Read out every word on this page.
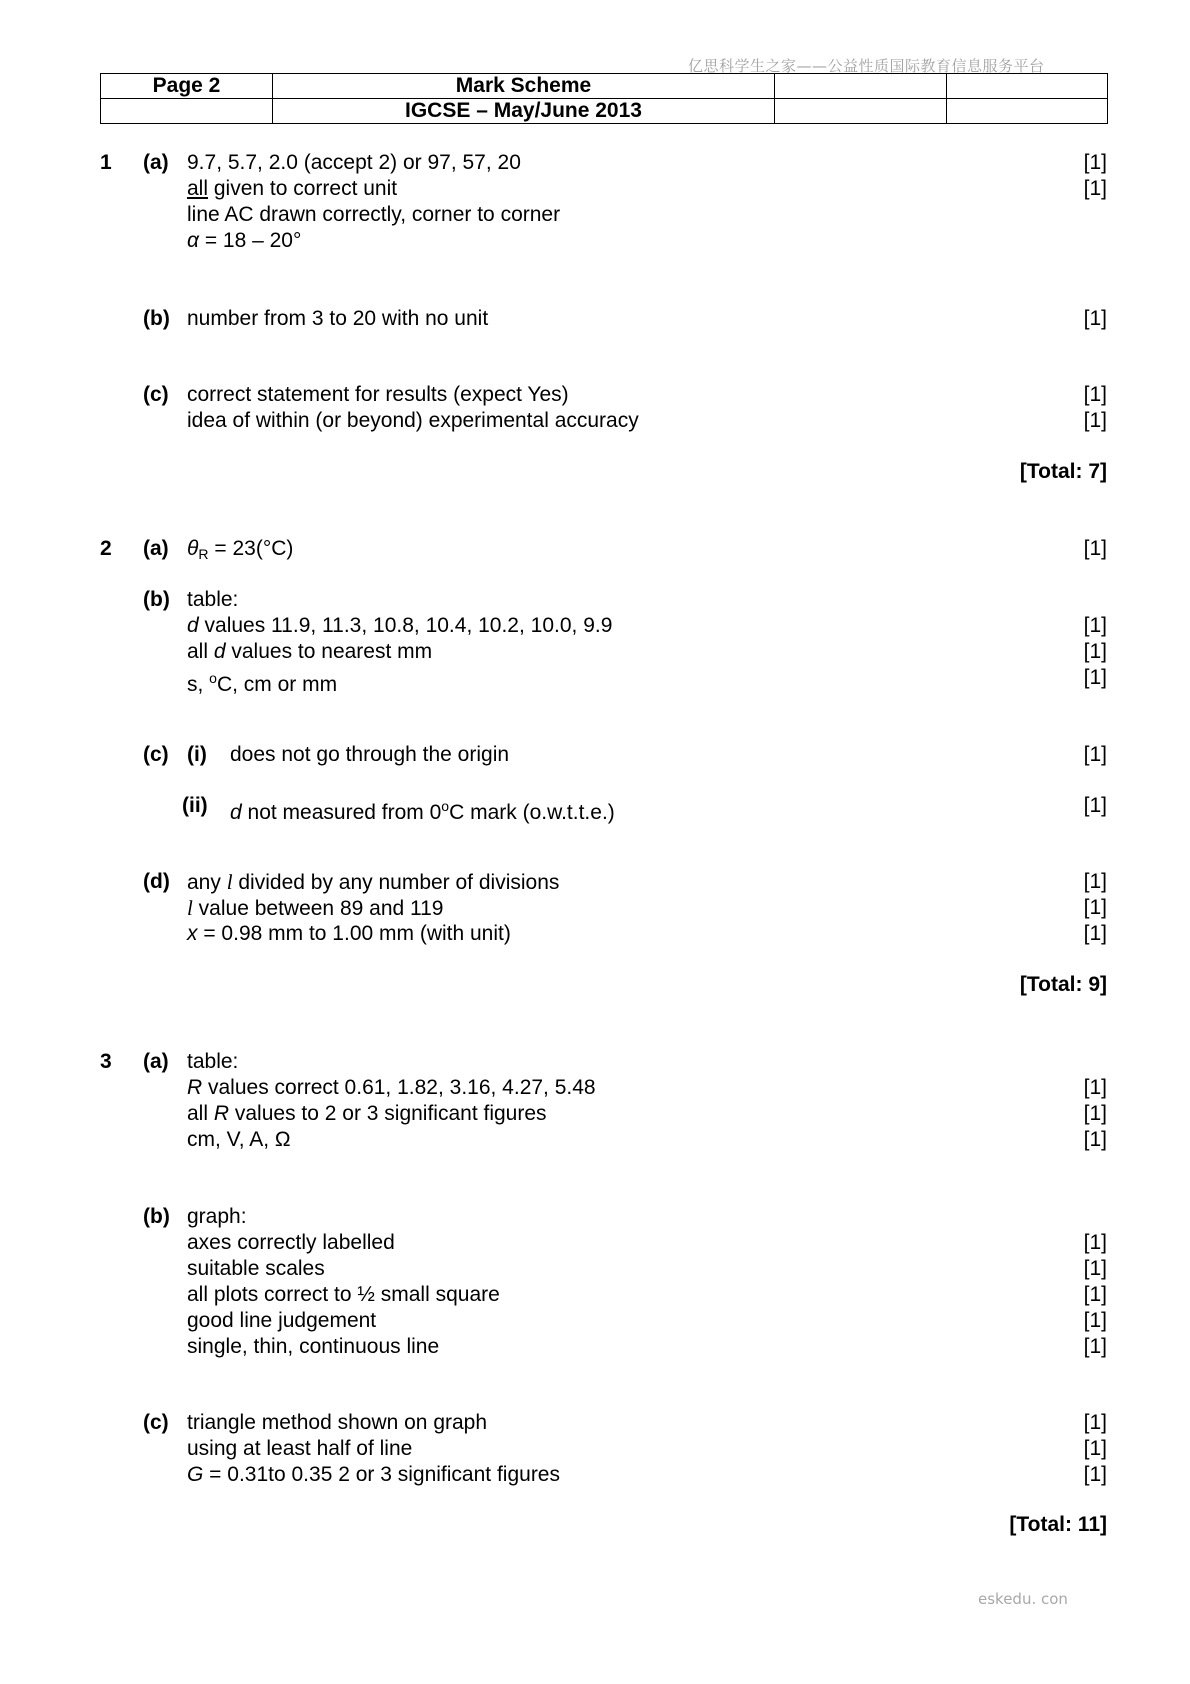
亿思科学生之家——公益性质国际教育信息服务平台
Page 2	Mark Scheme		
	IGCSE – May/June 2013		
1 (a) 9.7, 5.7, 2.0 (accept 2) or 97, 57, 20	[1]
all given to correct unit	[1]
line AC drawn correctly, corner to corner
α = 18 – 20°
(b) number from 3 to 20 with no unit	[1]
(c) correct statement for results (expect Yes)	[1]
idea of within (or beyond) experimental accuracy	[1]
[Total: 7]
2 (a) $\theta_R = 23(^\circ C)$	[1]
(b) table:
d values 11.9, 11.3, 10.8, 10.4, 10.2, 10.0, 9.9	[1]
all d values to nearest mm	[1]
s, $^o$C, cm or mm	[1]
(c) (i) does not go through the origin	[1]
(ii) d not measured from 0$^o$C mark (o.w.t.t.e.)	[1]
(d) any l divided by any number of divisions	[1]
l value between 89 and 119	[1]
x = 0.98 mm to 1.00 mm (with unit)	[1]
[Total: 9]
3 (a) table:
R values correct 0.61, 1.82, 3.16, 4.27, 5.48	[1]
all R values to 2 or 3 significant figures	[1]
cm, V, A, Ω	[1]
(b) graph:
axes correctly labelled	[1]
suitable scales	[1]
all plots correct to ½ small square	[1]
good line judgement	[1]
single, thin, continuous line	[1]
(c) triangle method shown on graph	[1]
using at least half of line	[1]
G = 0.31to 0.35 2 or 3 significant figures	[1]
[Total: 11]
eskedu. con
